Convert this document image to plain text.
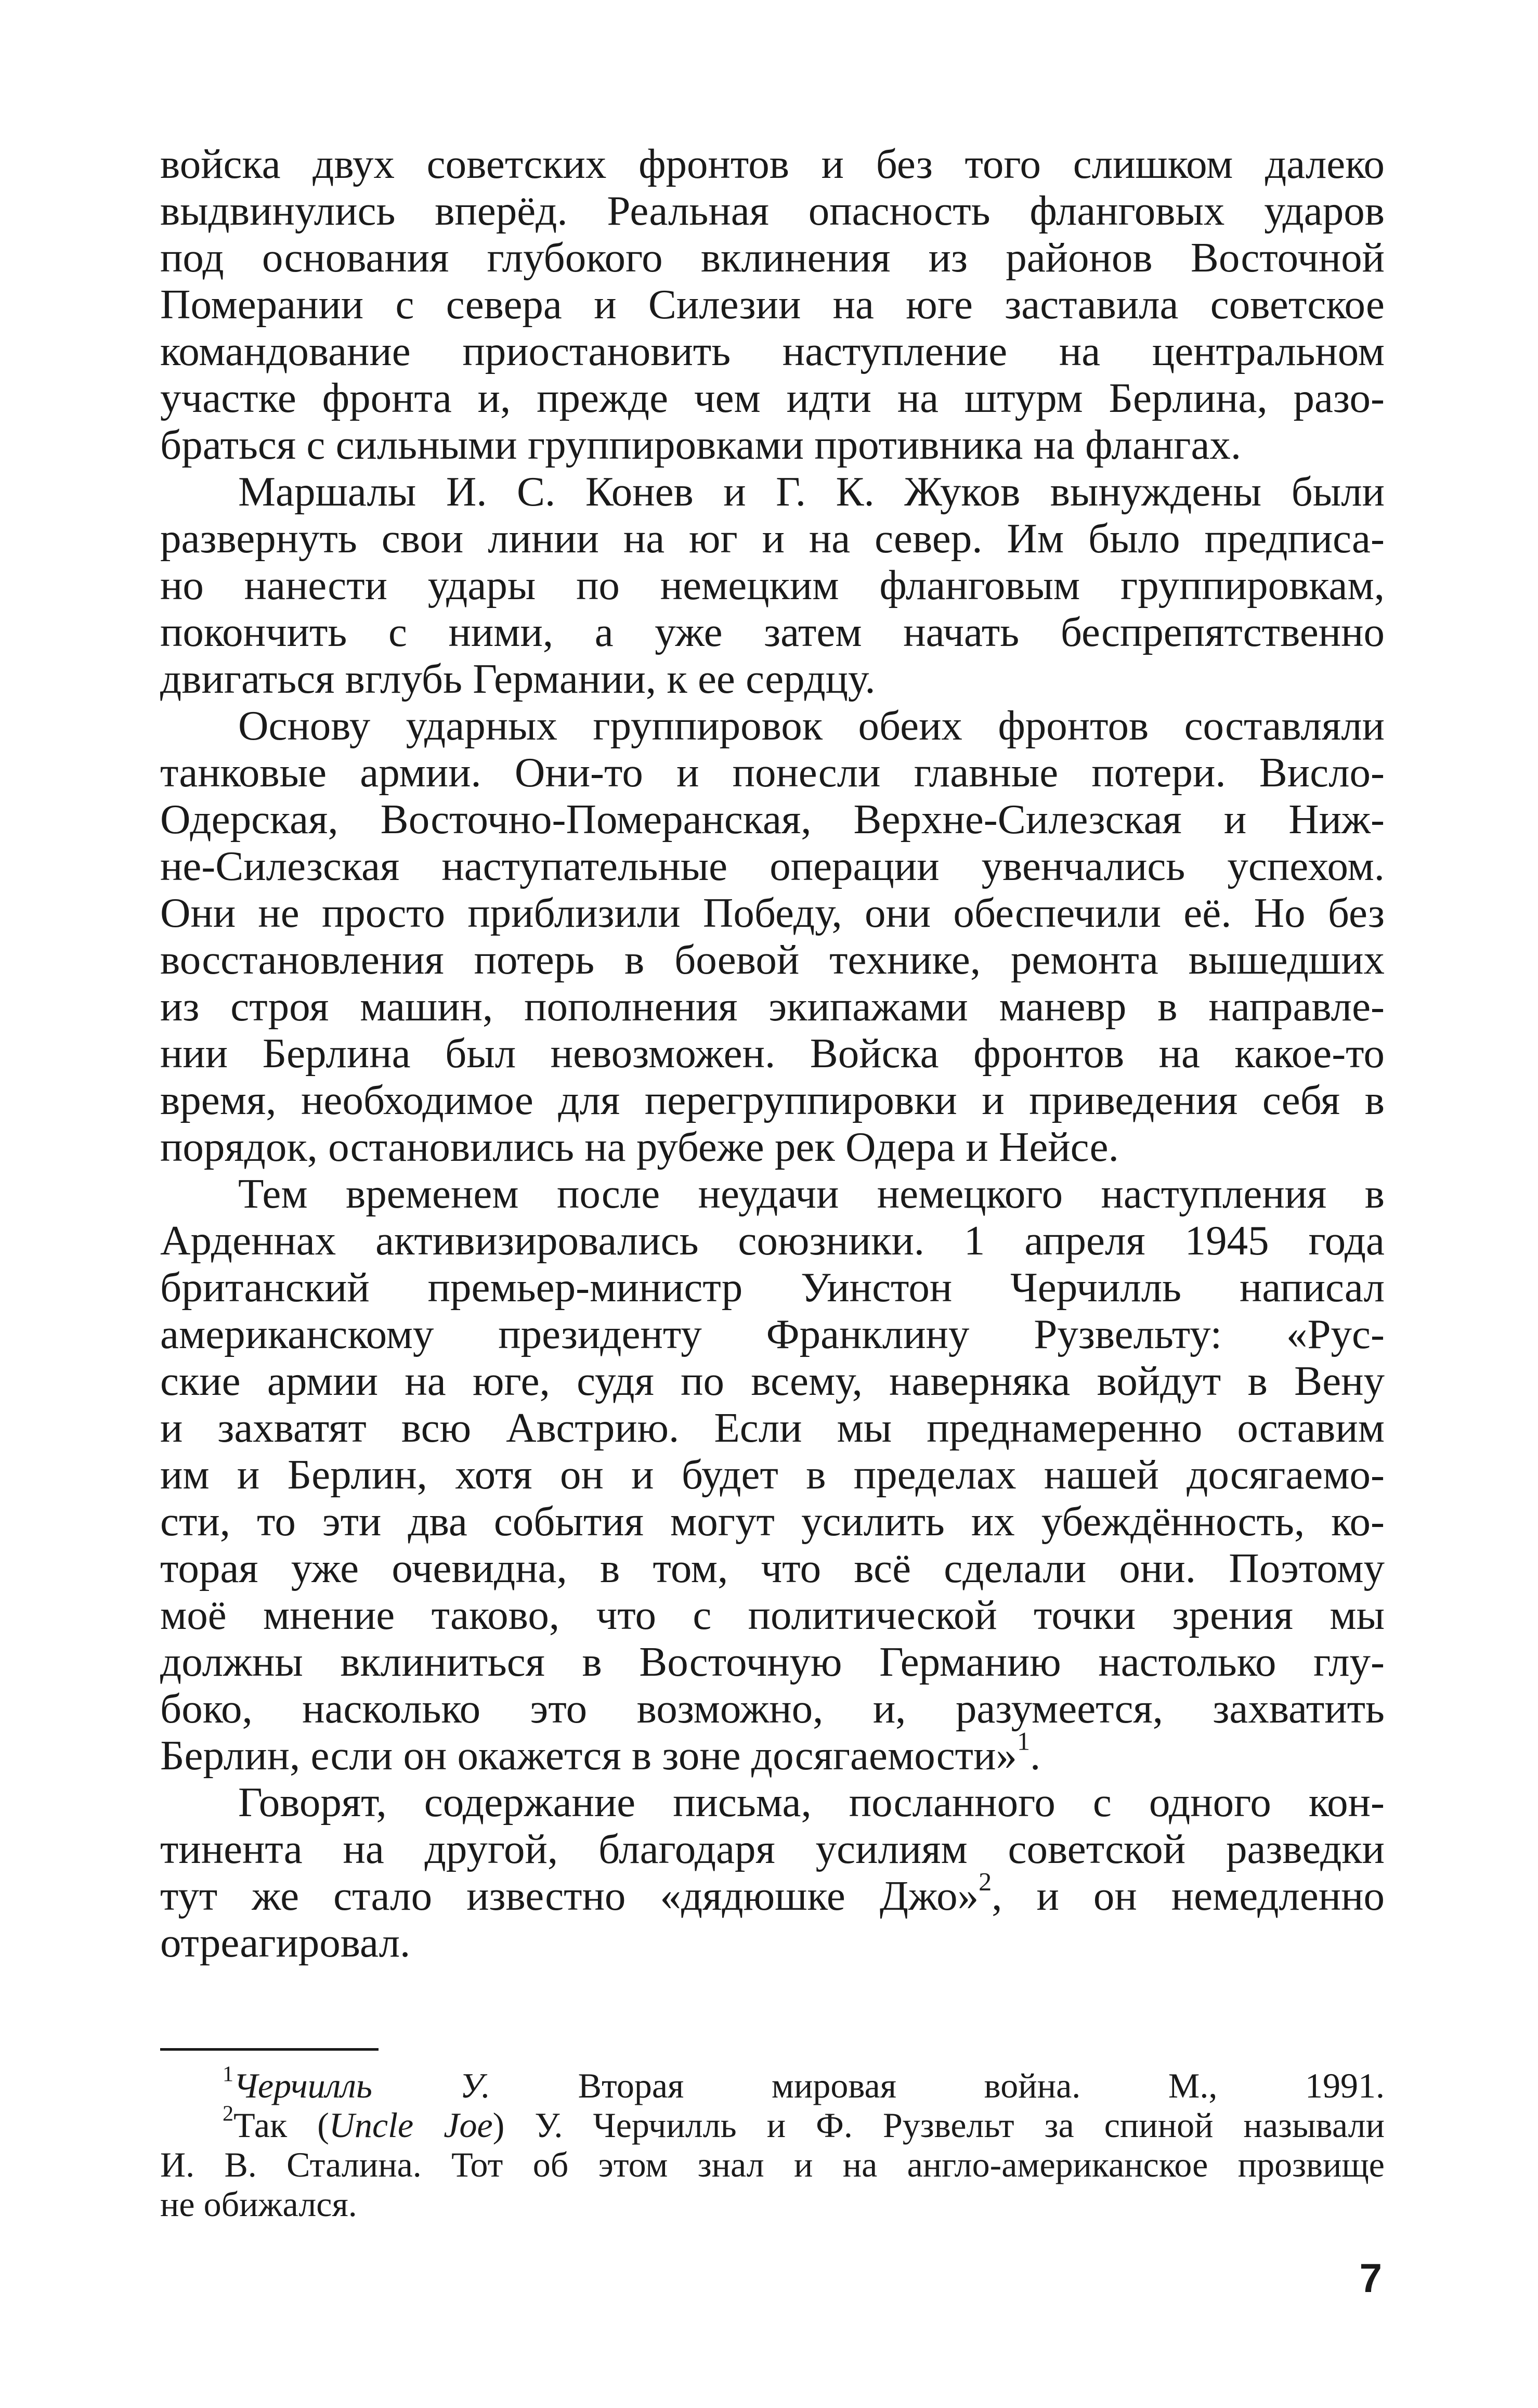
войска двух советских фронтов и без того слишком далеко
выдвинулись вперёд. Реальная опасность фланговых ударов
под основания глубокого вклинения из районов Восточной
Померании с севера и Силезии на юге заставила советское
командование приостановить наступление на центральном
участке фронта и, прежде чем идти на штурм Берлина, разо-
браться с сильными группировками противника на флангах.
Маршалы И. С. Конев и Г. К. Жуков вынуждены были
развернуть свои линии на юг и на север. Им было предписа-
но нанести удары по немецким фланговым группировкам,
покончить с ними, а уже затем начать беспрепятственно
двигаться вглубь Германии, к ее сердцу.
Основу ударных группировок обеих фронтов составляли
танковые армии. Они-то и понесли главные потери. Висло-
Одерская, Восточно-Померанская, Верхне-Силезская и Ниж-
не-Силезская наступательные операции увенчались успехом.
Они не просто приблизили Победу, они обеспечили её. Но без
восстановления потерь в боевой технике, ремонта вышедших
из строя машин, пополнения экипажами маневр в направле-
нии Берлина был невозможен. Войска фронтов на какое-то
время, необходимое для перегруппировки и приведения себя в
порядок, остановились на рубеже рек Одера и Нейсе.
Тем временем после неудачи немецкого наступления в
Арденнах активизировались союзники. 1 апреля 1945 года
британский премьер-министр Уинстон Черчилль написал
американскому президенту Франклину Рузвельту: «Рус-
ские армии на юге, судя по всему, наверняка войдут в Вену
и захватят всю Австрию. Если мы преднамеренно оставим
им и Берлин, хотя он и будет в пределах нашей досягаемо-
сти, то эти два события могут усилить их убеждённость, ко-
торая уже очевидна, в том, что всё сделали они. Поэтому
моё мнение таково, что с политической точки зрения мы
должны вклиниться в Восточную Германию настолько глу-
боко, насколько это возможно, и, разумеется, захватить
Берлин, если он окажется в зоне досягаемости»$^1$.
Говорят, содержание письма, посланного с одного кон-
тинента на другой, благодаря усилиям советской разведки
тут же стало известно «дядюшке Джо»$^2$, и он немедленно
отреагировал.
$^1$Черчилль У. Вторая мировая война. М., 1991.
$^2$Так (Uncle Joe) У. Черчилль и Ф. Рузвельт за спиной называли
И. В. Сталина. Тот об этом знал и на англо-американское прозвище
не обижался.
7
